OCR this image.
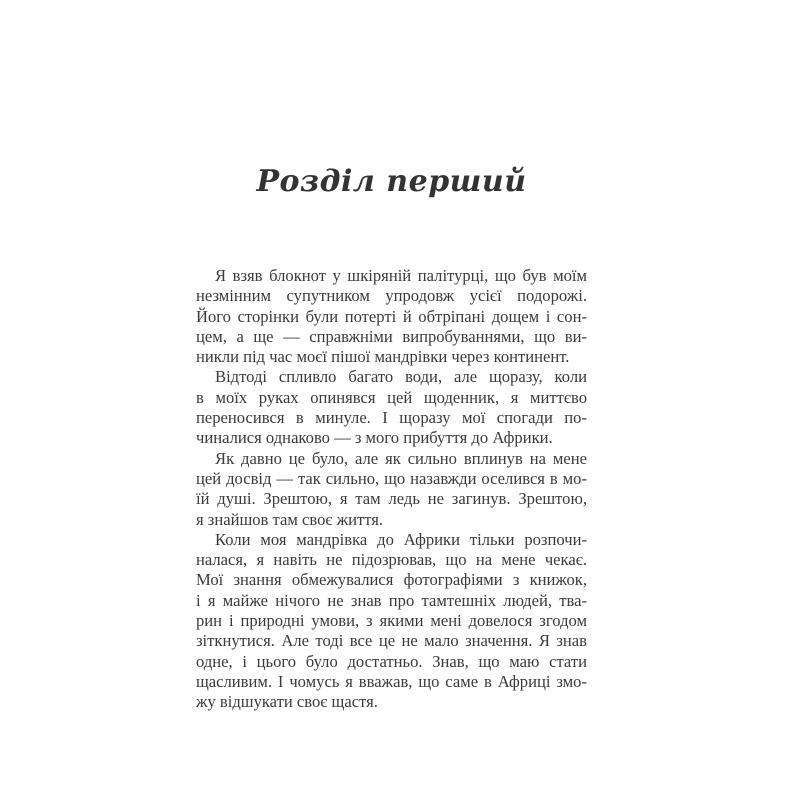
Розділ перший
Я взяв блокнот у шкіряній палітурці, що був моїм
незмінним супутником упродовж усієї подорожі.
Його сторінки були потерті й обтріпані дощем і сон-
цем, а ще — справжніми випробуваннями, що ви-
никли під час моєї пішої мандрівки через континент.
Відтоді спливло багато води, але щоразу, коли
в моїх руках опинявся цей щоденник, я миттєво
переносився в минуле. І щоразу мої спогади по-
чиналися однаково — з мого прибуття до Африки.
Як давно це було, але як сильно вплинув на мене
цей досвід — так сильно, що назавжди оселився в мо-
їй душі. Зрештою, я там ледь не загинув. Зрештою,
я знайшов там своє життя.
Коли моя мандрівка до Африки тільки розпочи-
налася, я навіть не підозрював, що на мене чекає.
Мої знання обмежувалися фотографіями з книжок,
і я майже нічого не знав про тамтешніх людей, тва-
рин і природні умови, з якими мені довелося згодом
зіткнутися. Але тоді все це не мало значення. Я знав
одне, і цього було достатньо. Знав, що маю стати
щасливим. І чомусь я вважав, що саме в Африці змо-
жу відшукати своє щастя.
